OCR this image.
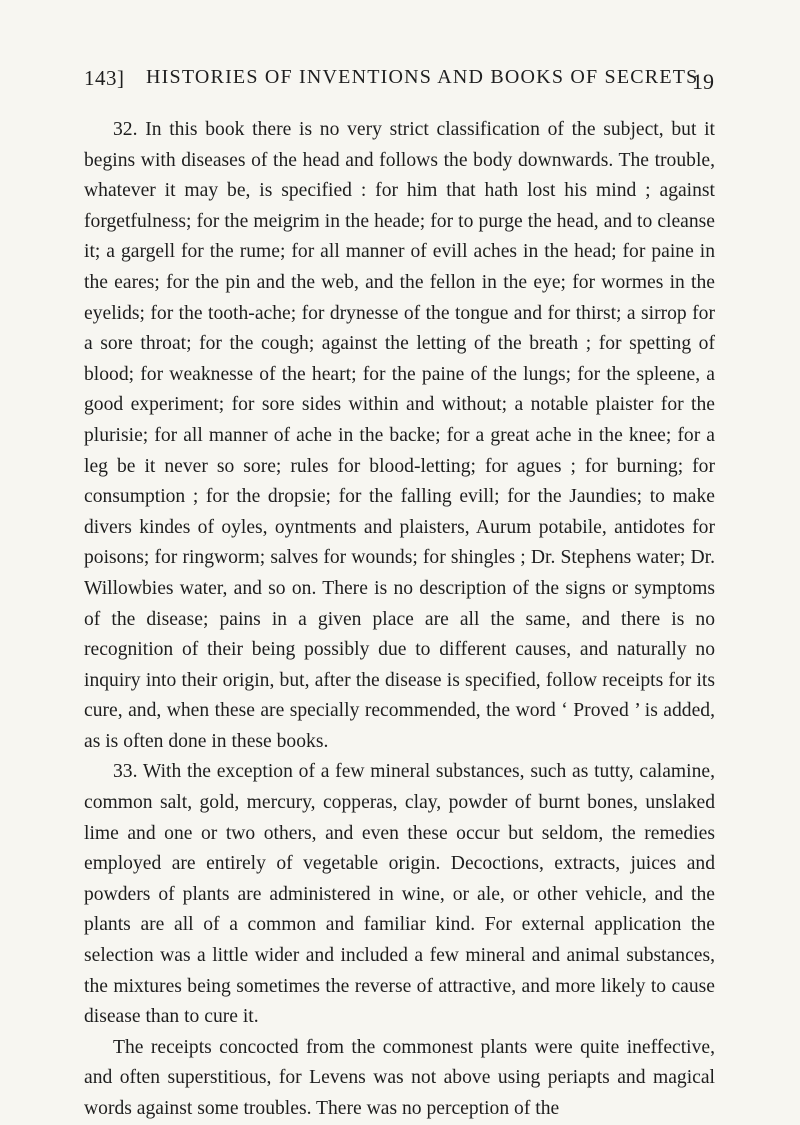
143] HISTORIES OF INVENTIONS AND BOOKS OF SECRETS
19

32. In this book there is no very strict classification of the subject, but it begins with diseases of the head and follows the body downwards. The trouble, whatever it may be, is specified : for him that hath lost his mind ; against forgetfulness; for the meigrim in the heade; for to purge the head, and to cleanse it; a gargell for the rume; for all manner of evill aches in the head; for paine in the eares; for the pin and the web, and the fellon in the eye; for wormes in the eyelids; for the tooth-ache; for drynesse of the tongue and for thirst; a sirrop for a sore throat; for the cough; against the letting of the breath ; for spetting of blood; for weaknesse of the heart; for the paine of the lungs; for the spleene, a good experiment; for sore sides within and without; a notable plaister for the plurisie; for all manner of ache in the backe; for a great ache in the knee; for a leg be it never so sore; rules for blood-letting; for agues ; for burning; for consumption ; for the dropsie; for the falling evill; for the Jaundies; to make divers kindes of oyles, oyntments and plaisters, Aurum potabile, antidotes for poisons; for ringworm; salves for wounds; for shingles ; Dr. Stephens water; Dr. Willowbies water, and so on. There is no description of the signs or symptoms of the disease; pains in a given place are all the same, and there is no recognition of their being possibly due to different causes, and naturally no inquiry into their origin, but, after the disease is specified, follow receipts for its cure, and, when these are specially recommended, the word ‘ Proved ’ is added, as is often done in these books.

33. With the exception of a few mineral substances, such as tutty, calamine, common salt, gold, mercury, copperas, clay, powder of burnt bones, unslaked lime and one or two others, and even these occur but seldom, the remedies employed are entirely of vegetable origin. Decoctions, extracts, juices and powders of plants are administered in wine, or ale, or other vehicle, and the plants are all of a common and familiar kind. For external application the selection was a little wider and included a few mineral and animal substances, the mixtures being sometimes the reverse of attractive, and more likely to cause disease than to cure it.

The receipts concocted from the commonest plants were quite ineffective, and often superstitious, for Levens was not above using periapts and magical words against some troubles. There was no perception of the
